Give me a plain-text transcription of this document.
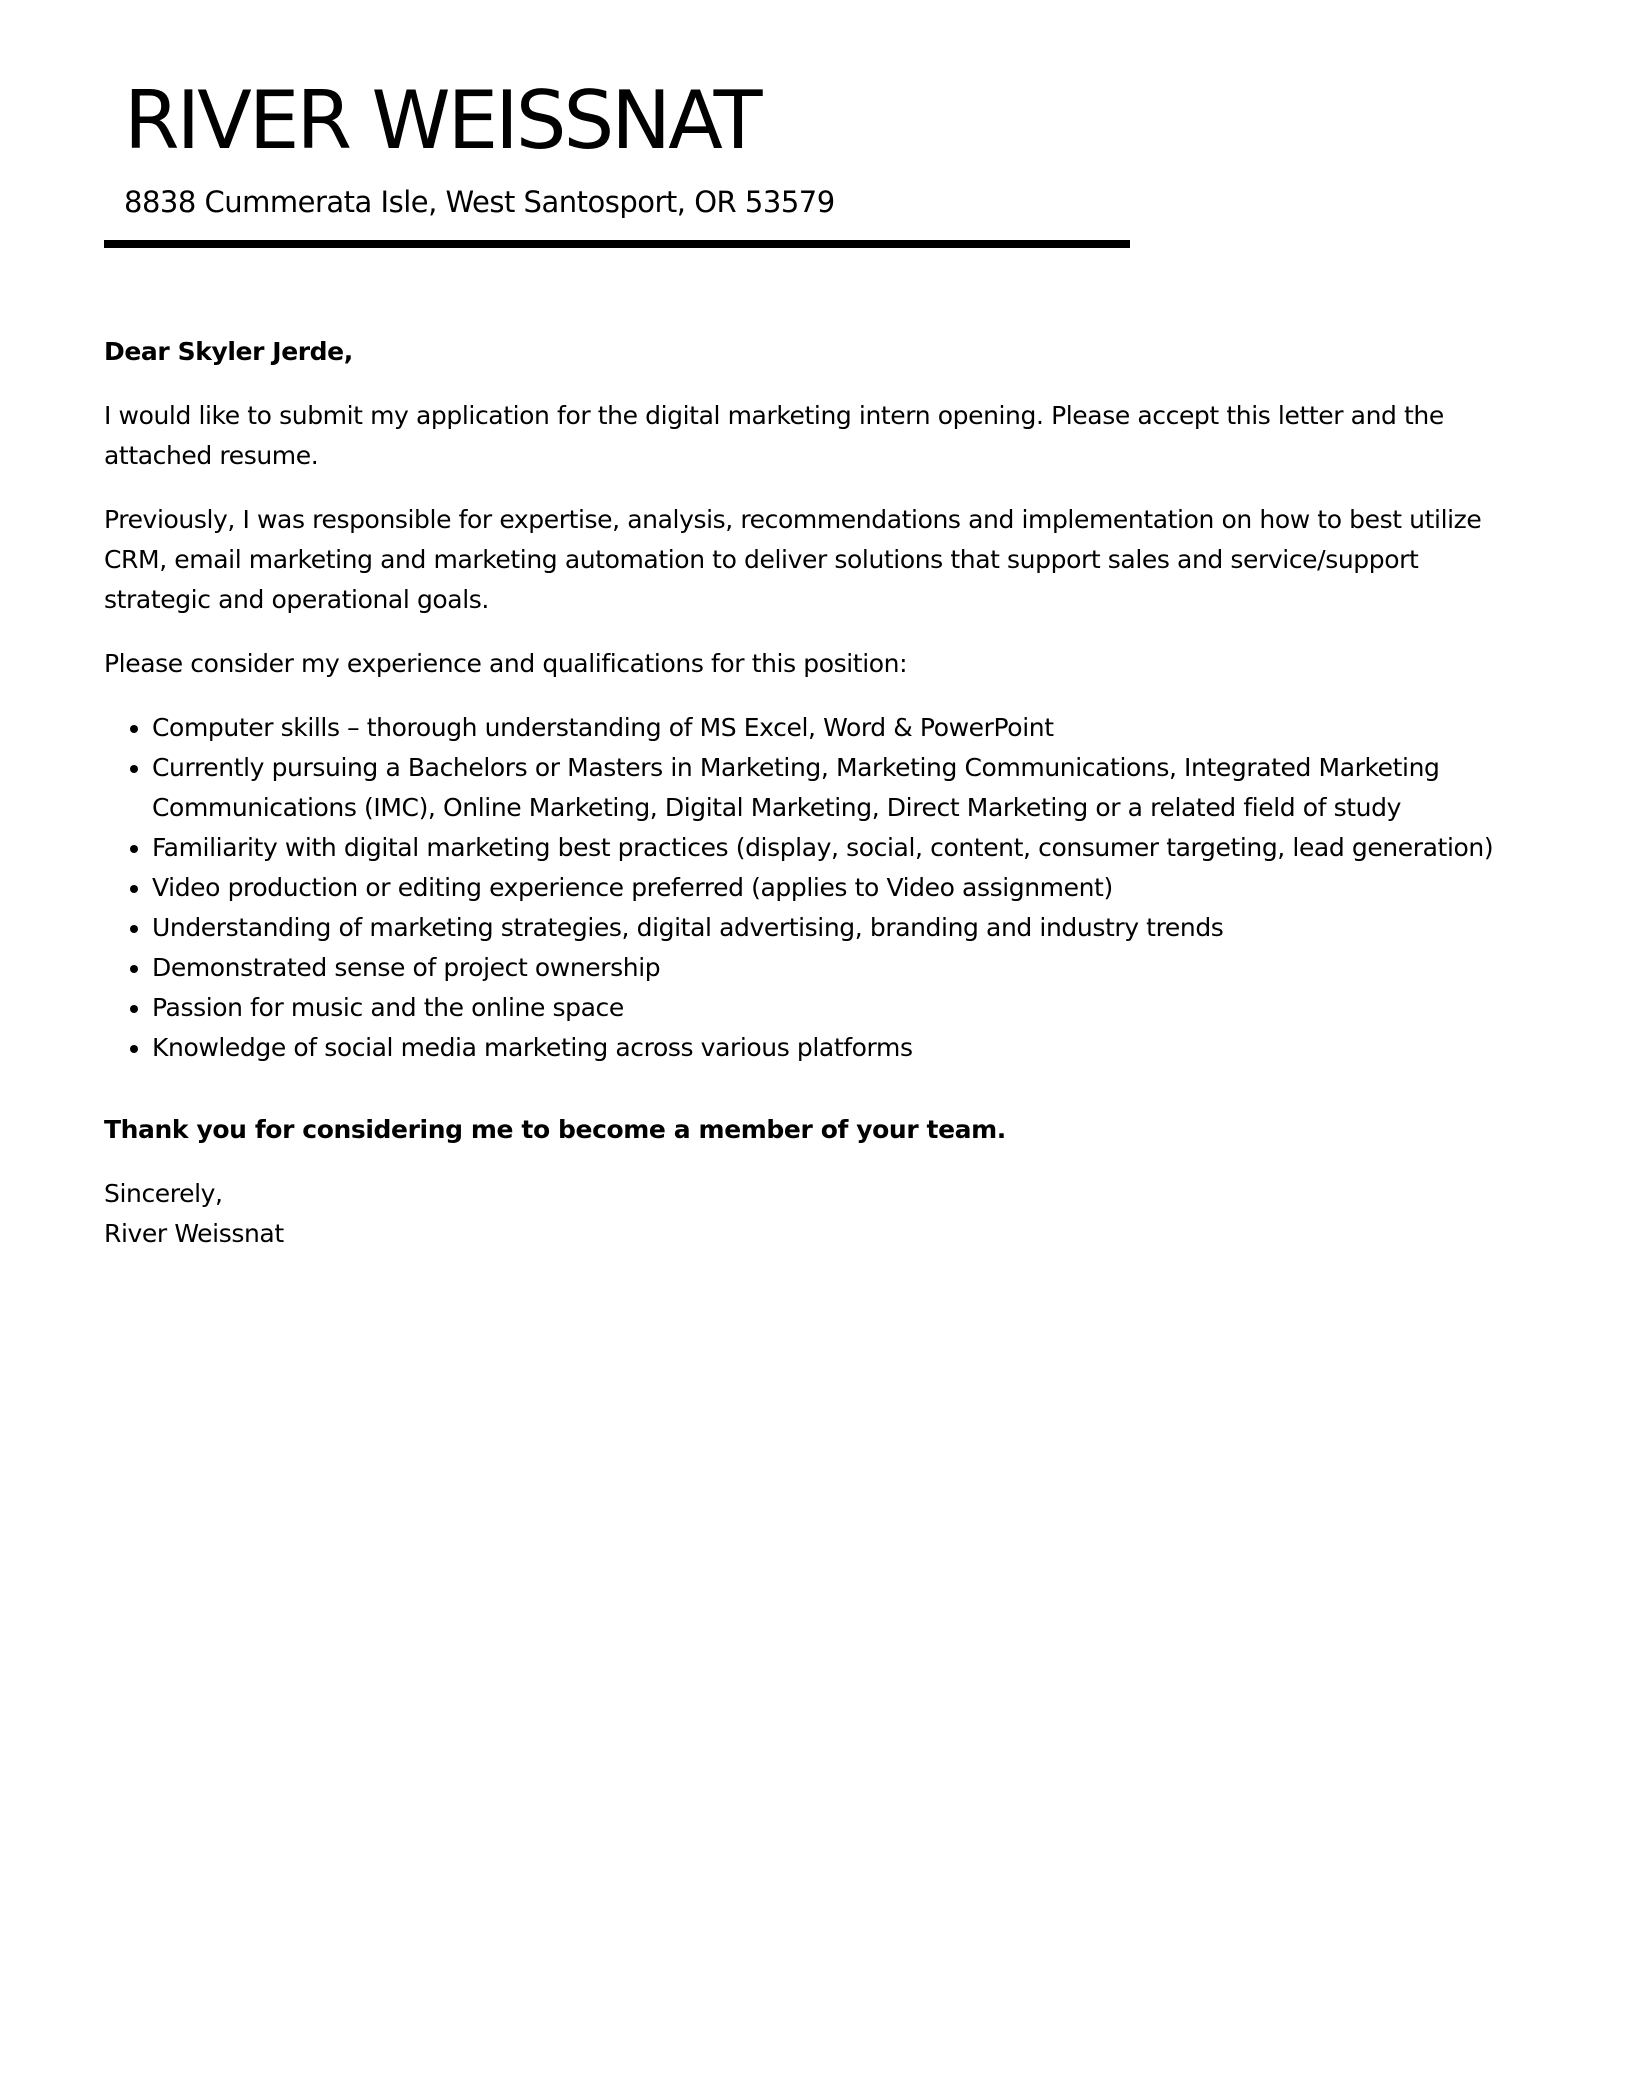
RIVER WEISSNAT
8838 Cummerata Isle, West Santosport, OR 53579

Dear Skyler Jerde,

I would like to submit my application for the digital marketing intern opening. Please accept this letter and the attached resume.

Previously, I was responsible for expertise, analysis, recommendations and implementation on how to best utilize CRM, email marketing and marketing automation to deliver solutions that support sales and service/support strategic and operational goals.

Please consider my experience and qualifications for this position:

• Computer skills – thorough understanding of MS Excel, Word & PowerPoint
• Currently pursuing a Bachelors or Masters in Marketing, Marketing Communications, Integrated Marketing Communications (IMC), Online Marketing, Digital Marketing, Direct Marketing or a related field of study
• Familiarity with digital marketing best practices (display, social, content, consumer targeting, lead generation)
• Video production or editing experience preferred (applies to Video assignment)
• Understanding of marketing strategies, digital advertising, branding and industry trends
• Demonstrated sense of project ownership
• Passion for music and the online space
• Knowledge of social media marketing across various platforms

Thank you for considering me to become a member of your team.

Sincerely,
River Weissnat
